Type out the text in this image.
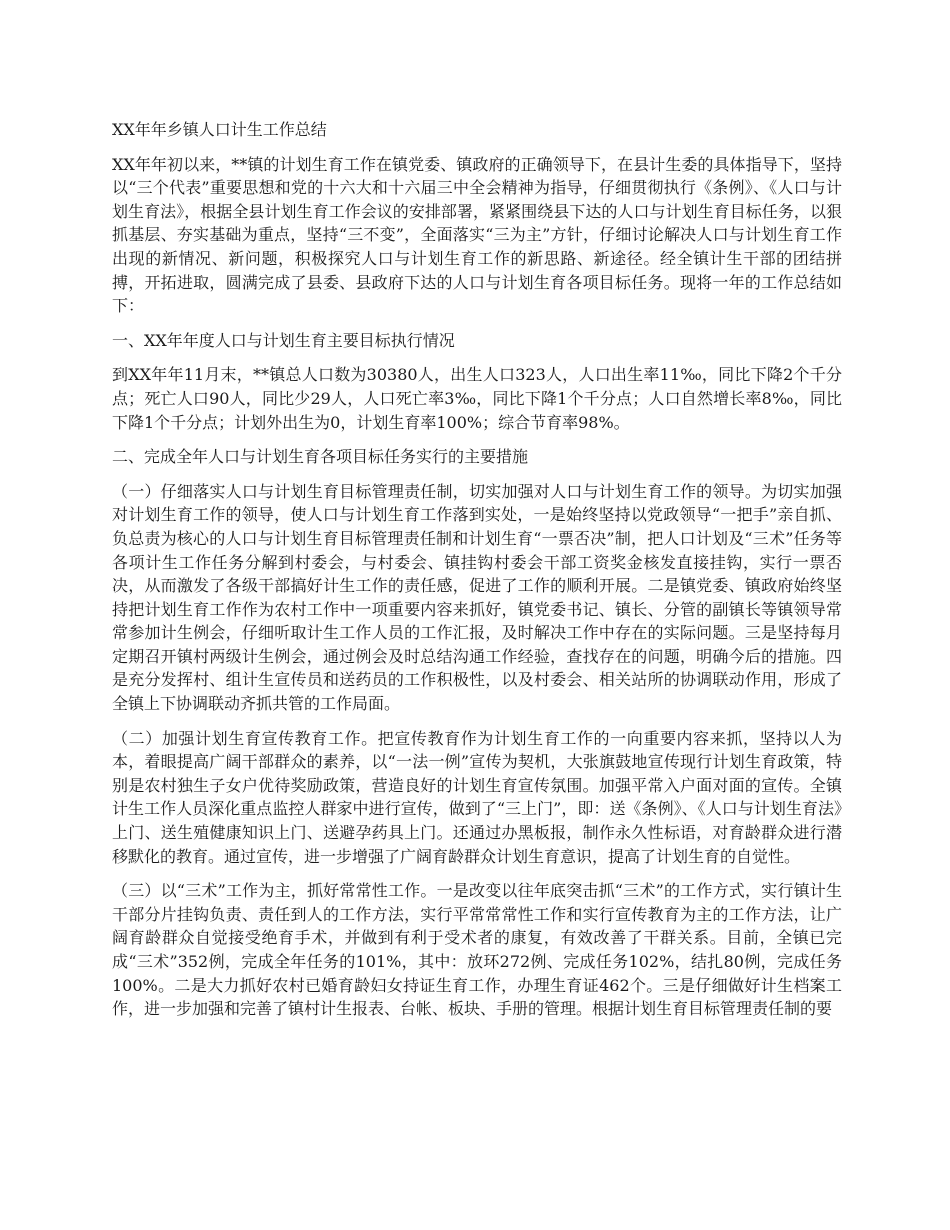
XX年年乡镇人口计生工作总结

XX年年初以来，**镇的计划生育工作在镇党委、镇政府的正确领导下，在县计生委的具体指导下，坚持以“三个代表”重要思想和党的十六大和十六届三中全会精神为指导，仔细贯彻执行《条例》、《人口与计划生育法》，根据全县计划生育工作会议的安排部署，紧紧围绕县下达的人口与计划生育目标任务，以狠抓基层、夯实基础为重点，坚持“三不变”，全面落实“三为主”方针，仔细讨论解决人口与计划生育工作出现的新情况、新问题，积极探究人口与计划生育工作的新思路、新途径。经全镇计生干部的团结拼搏，开拓进取，圆满完成了县委、县政府下达的人口与计划生育各项目标任务。现将一年的工作总结如下：

一、XX年年度人口与计划生育主要目标执行情况

到XX年年11月末，**镇总人口数为30380人，出生人口323人，人口出生率11‰，同比下降2个千分点；死亡人口90人，同比少29人，人口死亡率3‰，同比下降1个千分点；人口自然增长率8‰，同比下降1个千分点；计划外出生为0，计划生育率100%；综合节育率98%。

二、完成全年人口与计划生育各项目标任务实行的主要措施

（一）仔细落实人口与计划生育目标管理责任制，切实加强对人口与计划生育工作的领导。为切实加强对计划生育工作的领导，使人口与计划生育工作落到实处，一是始终坚持以党政领导“一把手”亲自抓、负总责为核心的人口与计划生育目标管理责任制和计划生育“一票否决”制，把人口计划及“三术”任务等各项计生工作任务分解到村委会，与村委会、镇挂钩村委会干部工资奖金核发直接挂钩，实行一票否决，从而激发了各级干部搞好计生工作的责任感，促进了工作的顺利开展。二是镇党委、镇政府始终坚持把计划生育工作作为农村工作中一项重要内容来抓好，镇党委书记、镇长、分管的副镇长等镇领导常常参加计生例会，仔细听取计生工作人员的工作汇报，及时解决工作中存在的实际问题。三是坚持每月定期召开镇村两级计生例会，通过例会及时总结沟通工作经验，查找存在的问题，明确今后的措施。四是充分发挥村、组计生宣传员和送药员的工作积极性，以及村委会、相关站所的协调联动作用，形成了全镇上下协调联动齐抓共管的工作局面。

（二）加强计划生育宣传教育工作。把宣传教育作为计划生育工作的一向重要内容来抓，坚持以人为本，着眼提高广阔干部群众的素养，以“一法一例”宣传为契机，大张旗鼓地宣传现行计划生育政策，特别是农村独生子女户优待奖励政策，营造良好的计划生育宣传氛围。加强平常入户面对面的宣传。全镇计生工作人员深化重点监控人群家中进行宣传，做到了“三上门”，即：送《条例》、《人口与计划生育法》上门、送生殖健康知识上门、送避孕药具上门。还通过办黑板报，制作永久性标语，对育龄群众进行潜移默化的教育。通过宣传，进一步增强了广阔育龄群众计划生育意识，提高了计划生育的自觉性。

（三）以“三术”工作为主，抓好常常性工作。一是改变以往年底突击抓“三术”的工作方式，实行镇计生干部分片挂钩负责、责任到人的工作方法，实行平常常常性工作和实行宣传教育为主的工作方法，让广阔育龄群众自觉接受绝育手术，并做到有利于受术者的康复，有效改善了干群关系。目前，全镇已完成“三术”352例，完成全年任务的101%，其中：放环272例、完成任务102%，结扎80例，完成任务100%。二是大力抓好农村已婚育龄妇女持证生育工作，办理生育证462个。三是仔细做好计生档案工作，进一步加强和完善了镇村计生报表、台帐、板块、手册的管理。根据计划生育目标管理责任制的要
